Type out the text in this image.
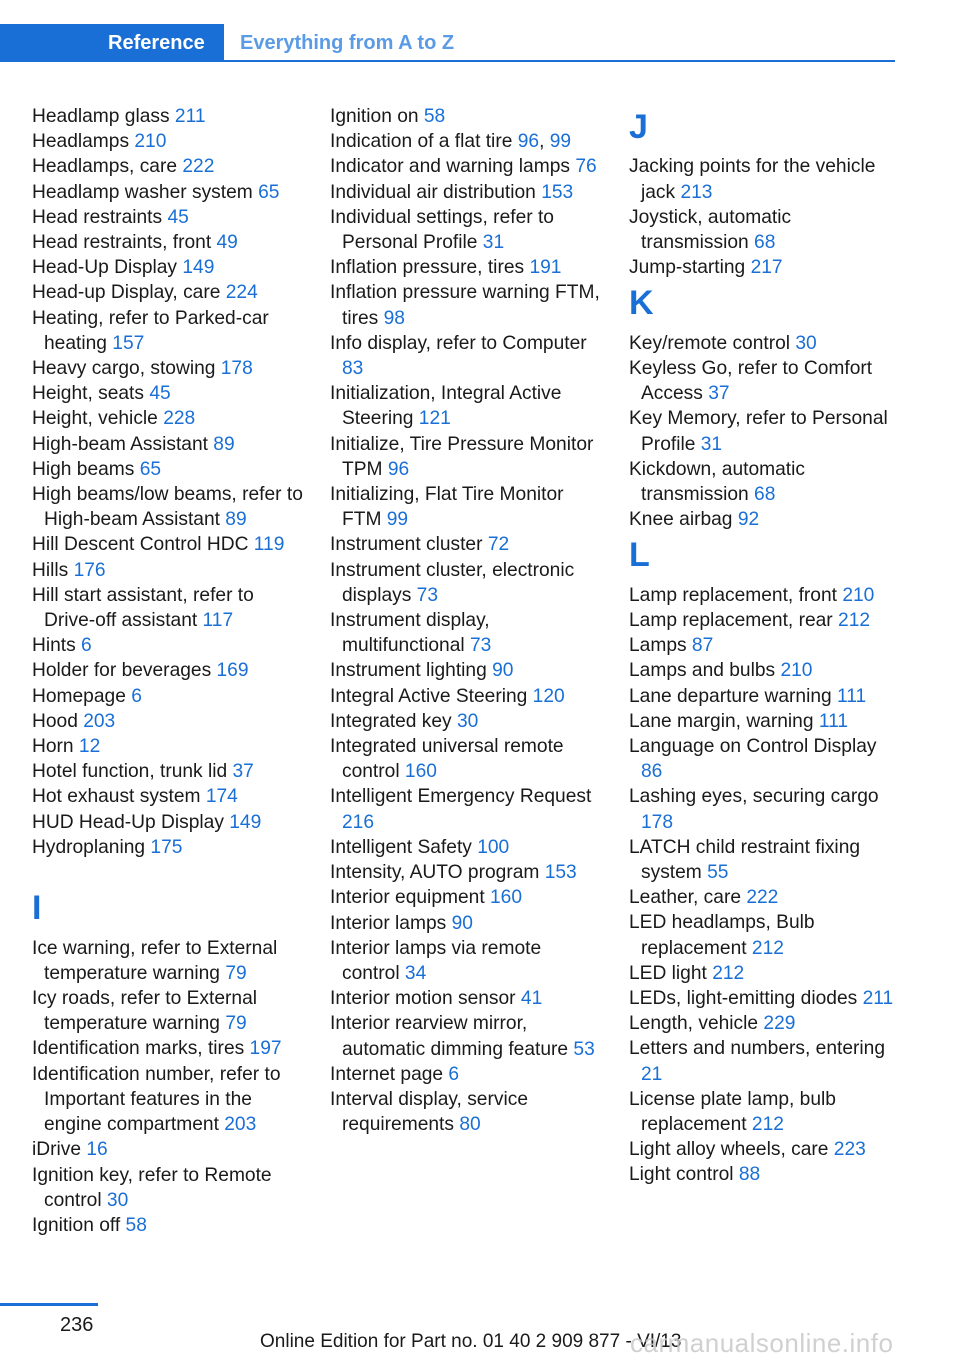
Reference	Everything from A to Z
Headlamp glass 211
Headlamps 210
Headlamps, care 222
Headlamp washer system 65
Head restraints 45
Head restraints, front 49
Head-Up Display 149
Head-up Display, care 224
Heating, refer to Parked-car heating 157
Heavy cargo, stowing 178
Height, seats 45
Height, vehicle 228
High-beam Assistant 89
High beams 65
High beams/low beams, refer to High-beam Assistant 89
Hill Descent Control HDC 119
Hills 176
Hill start assistant, refer to Drive-off assistant 117
Hints 6
Holder for beverages 169
Homepage 6
Hood 203
Horn 12
Hotel function, trunk lid 37
Hot exhaust system 174
HUD Head-Up Display 149
Hydroplaning 175
I
Ice warning, refer to External temperature warning 79
Icy roads, refer to External temperature warning 79
Identification marks, tires 197
Identification number, refer to Important features in the engine compartment 203
iDrive 16
Ignition key, refer to Remote control 30
Ignition off 58
Ignition on 58
Indication of a flat tire 96, 99
Indicator and warning lamps 76
Individual air distribution 153
Individual settings, refer to Personal Profile 31
Inflation pressure, tires 191
Inflation pressure warning FTM, tires 98
Info display, refer to Computer 83
Initialization, Integral Active Steering 121
Initialize, Tire Pressure Monitor TPM 96
Initializing, Flat Tire Monitor FTM 99
Instrument cluster 72
Instrument cluster, electronic displays 73
Instrument display, multifunctional 73
Instrument lighting 90
Integral Active Steering 120
Integrated key 30
Integrated universal remote control 160
Intelligent Emergency Request 216
Intelligent Safety 100
Intensity, AUTO program 153
Interior equipment 160
Interior lamps 90
Interior lamps via remote control 34
Interior motion sensor 41
Interior rearview mirror, automatic dimming feature 53
Internet page 6
Interval display, service requirements 80
J
Jacking points for the vehicle jack 213
Joystick, automatic transmission 68
Jump-starting 217
K
Key/remote control 30
Keyless Go, refer to Comfort Access 37
Key Memory, refer to Personal Profile 31
Kickdown, automatic transmission 68
Knee airbag 92
L
Lamp replacement, front 210
Lamp replacement, rear 212
Lamps 87
Lamps and bulbs 210
Lane departure warning 111
Lane margin, warning 111
Language on Control Display 86
Lashing eyes, securing cargo 178
LATCH child restraint fixing system 55
Leather, care 222
LED headlamps, Bulb replacement 212
LED light 212
LEDs, light-emitting diodes 211
Length, vehicle 229
Letters and numbers, entering 21
License plate lamp, bulb replacement 212
Light alloy wheels, care 223
Light control 88
236
Online Edition for Part no. 01 40 2 909 877 - VI/13
carmanualsonline.info
